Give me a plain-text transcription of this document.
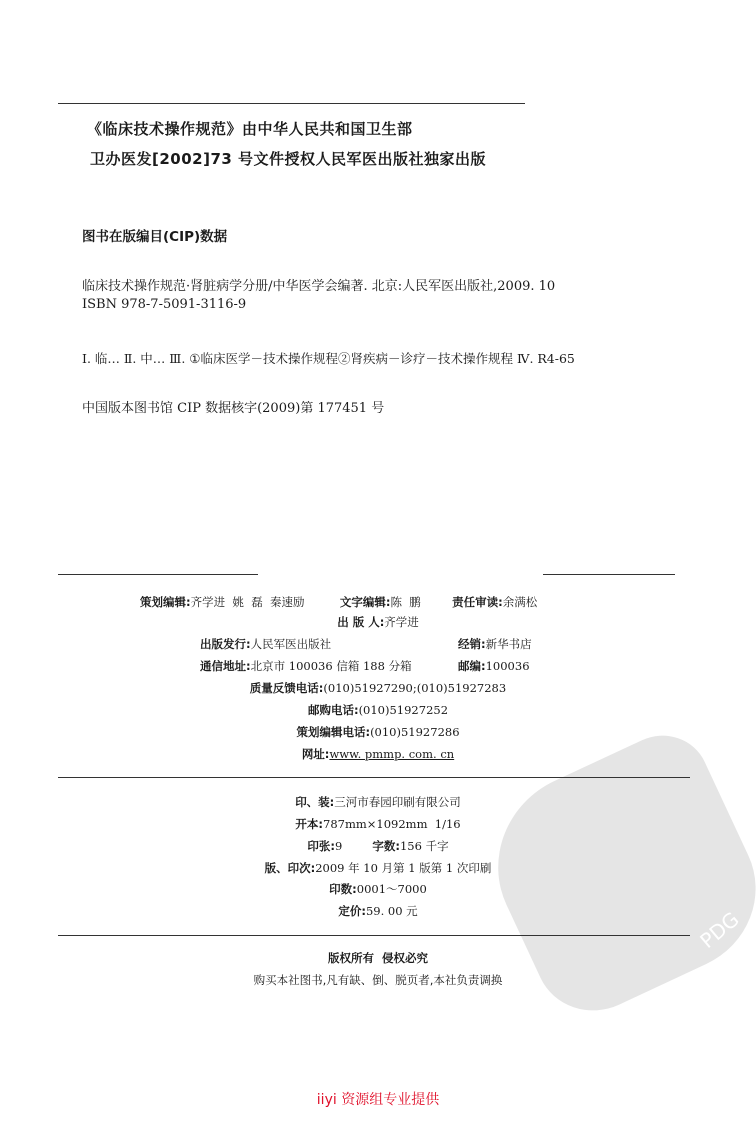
PDG
《临床技术操作规范》由中华人民共和国卫生部
卫办医发[2002]73 号文件授权人民军医出版社独家出版
图书在版编目(CIP)数据
临床技术操作规范·肾脏病学分册/中华医学会编著. 北京:人民军医出版社,2009. 10
ISBN 978-7-5091-3116-9
Ⅰ. 临… Ⅱ. 中… Ⅲ. ①临床医学－技术操作规程②肾疾病－诊疗－技术操作规程 Ⅳ. R4-65
中国版本图书馆 CIP 数据核字(2009)第 177451 号
策划编辑:齐学进  姚  磊  秦速励	文字编辑:陈  鹏	责任审读:余满松
出 版 人:齐学进
出版发行:人民军医出版社	经销:新华书店
通信地址:北京市 100036 信箱 188 分箱	邮编:100036
质量反馈电话:(010)51927290;(010)51927283
邮购电话:(010)51927252
策划编辑电话:(010)51927286
网址:www. pmmp. com. cn
印、装:三河市春园印刷有限公司
开本:787mm×1092mm  1/16
印张:9	字数:156 千字
版、印次:2009 年 10 月第 1 版第 1 次印刷
印数:0001～7000
定价:59. 00 元
版权所有  侵权必究
购买本社图书,凡有缺、倒、脱页者,本社负责调换
iiyi 资源组专业提供
